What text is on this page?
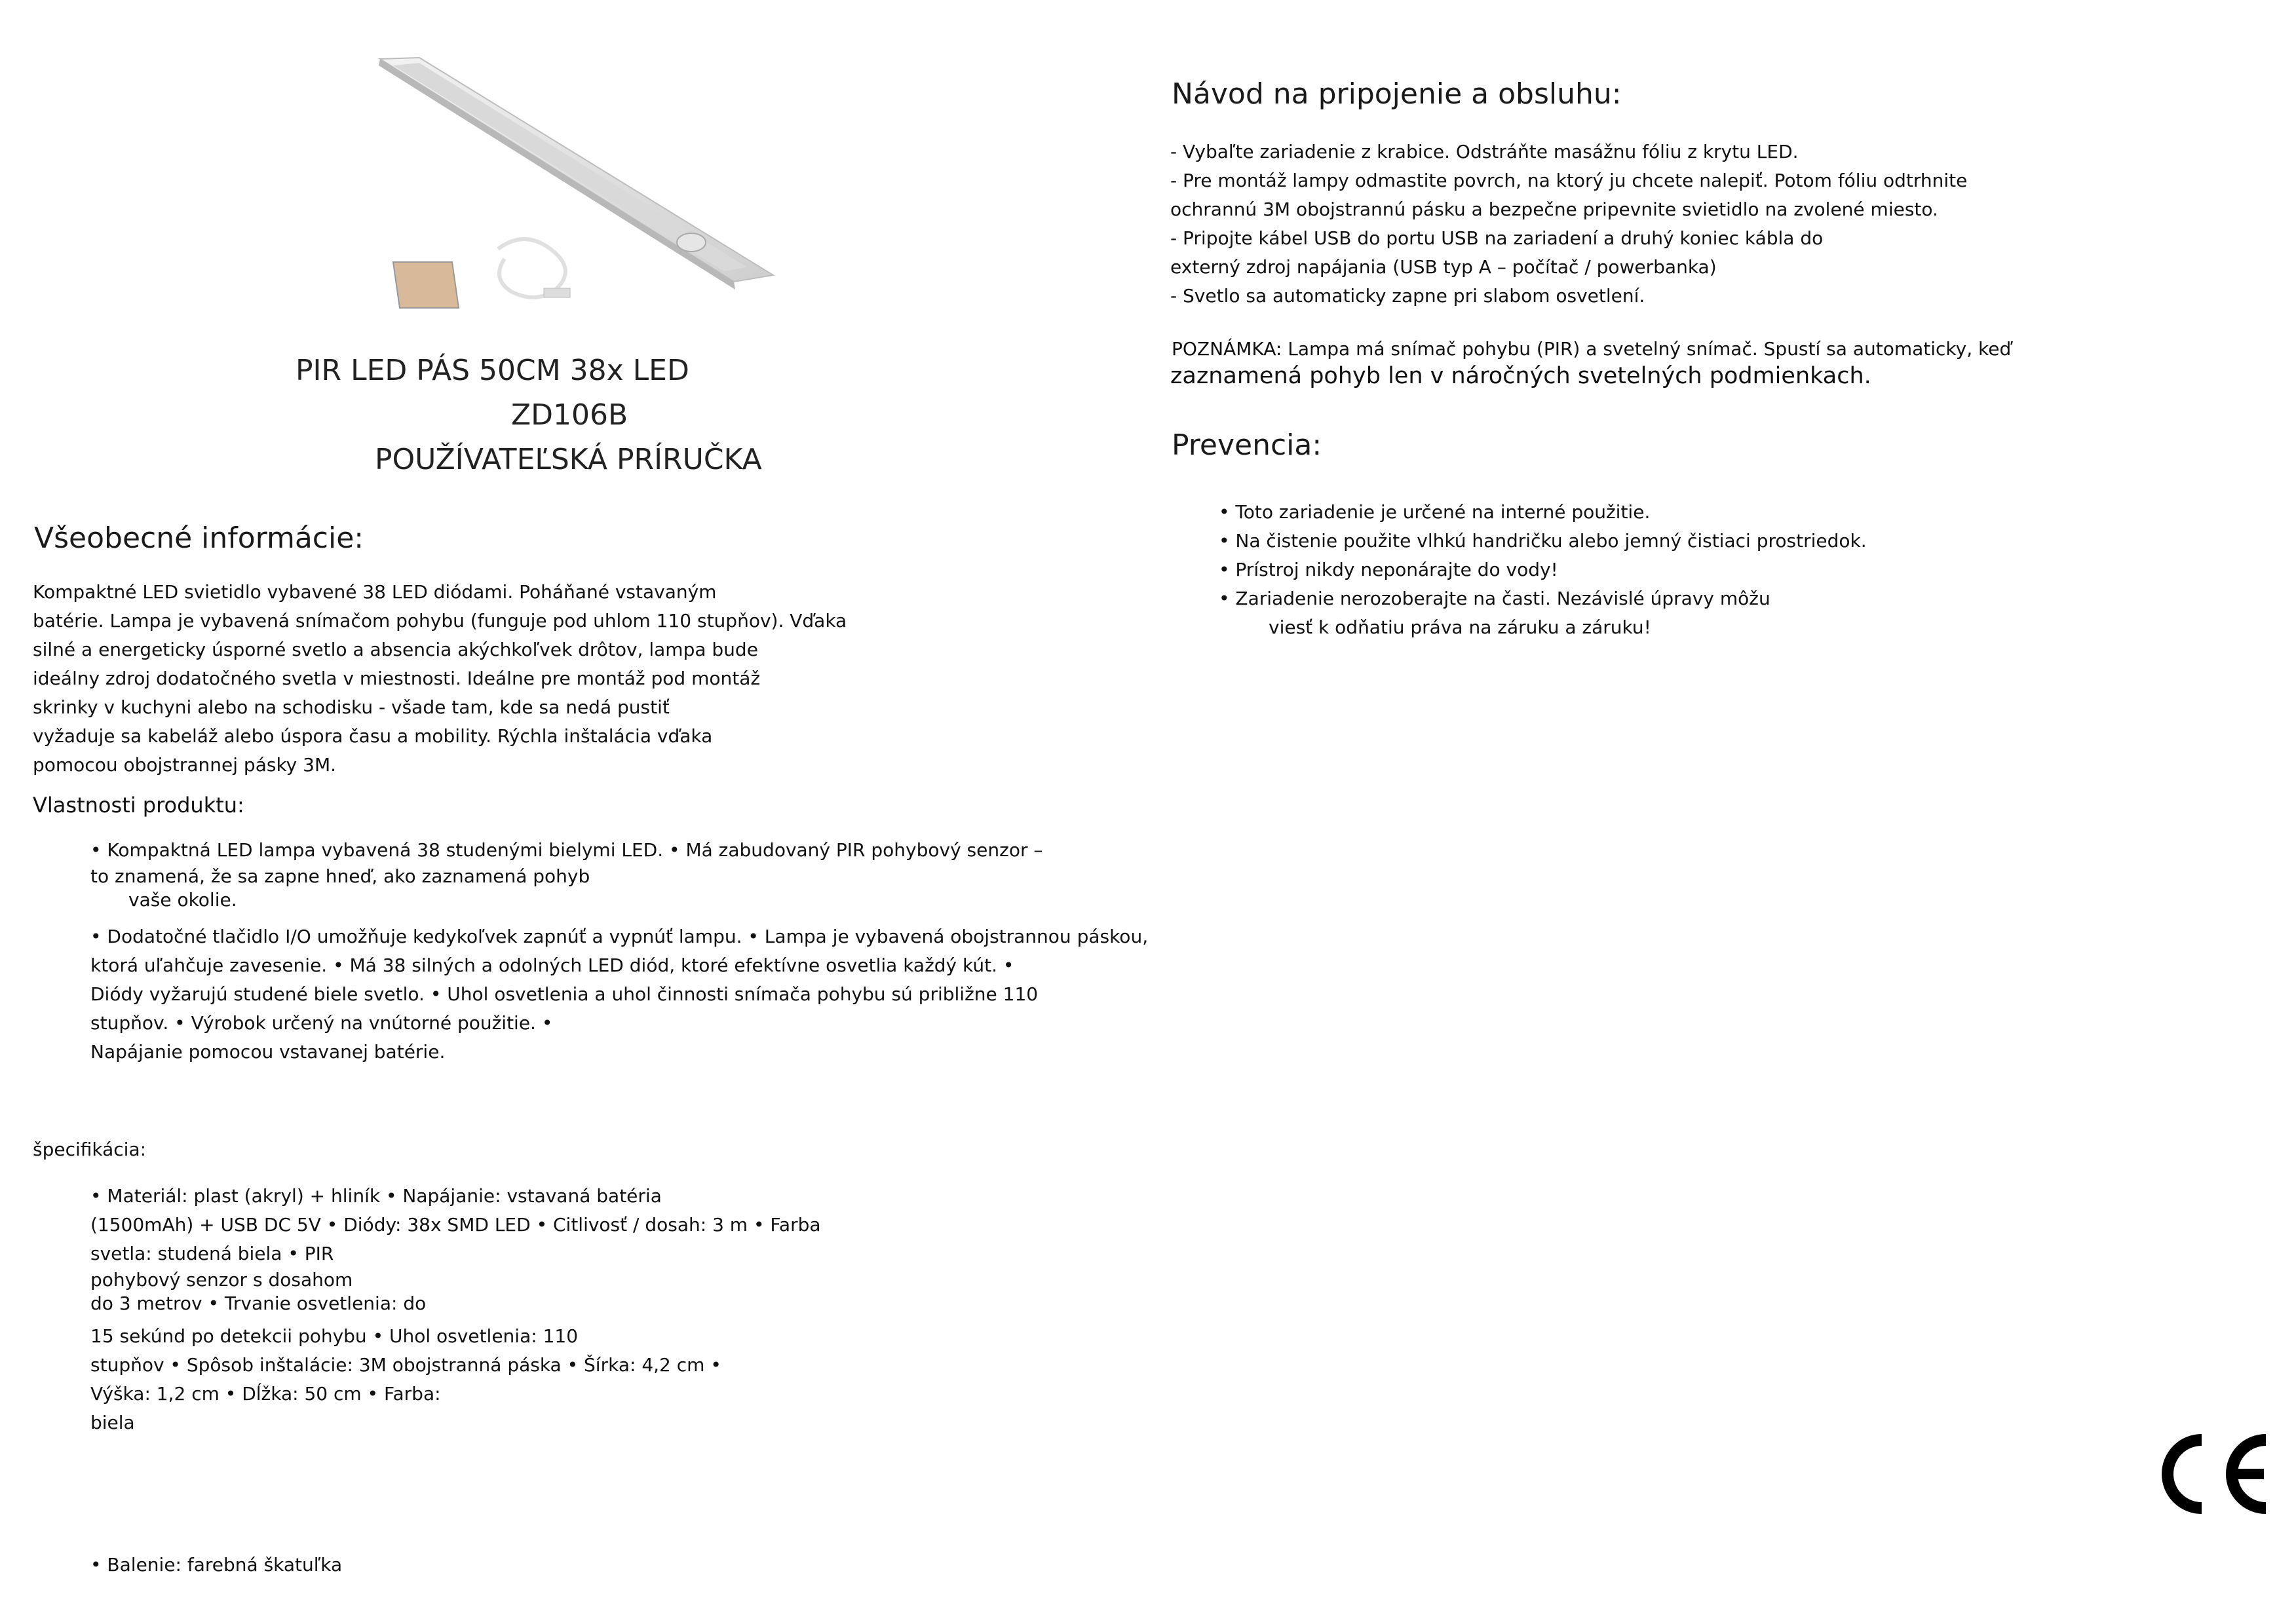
PIR LED PÁS 50CM 38x LED
ZD106B
POUŽÍVATEĽSKÁ PRÍRUČKA
Všeobecné informácie:
Kompaktné LED svietidlo vybavené 38 LED diódami. Poháňané vstavaným
batérie. Lampa je vybavená snímačom pohybu (funguje pod uhlom 110 stupňov). Vďaka
silné a energeticky úsporné svetlo a absencia akýchkoľvek drôtov, lampa bude
ideálny zdroj dodatočného svetla v miestnosti. Ideálne pre montáž pod montáž
skrinky v kuchyni alebo na schodisku - všade tam, kde sa nedá pustiť
vyžaduje sa kabeláž alebo úspora času a mobility. Rýchla inštalácia vďaka
pomocou obojstrannej pásky 3M.
Vlastnosti produktu:
• Kompaktná LED lampa vybavená 38 studenými bielymi LED. • Má zabudovaný PIR pohybový senzor –
to znamená, že sa zapne hneď, ako zaznamená pohyb
vaše okolie.
• Dodatočné tlačidlo I/O umožňuje kedykoľvek zapnúť a vypnúť lampu. • Lampa je vybavená obojstrannou páskou,
ktorá uľahčuje zavesenie. • Má 38 silných a odolných LED diód, ktoré efektívne osvetlia každý kút. •
Diódy vyžarujú studené biele svetlo. • Uhol osvetlenia a uhol činnosti snímača pohybu sú približne 110
stupňov. • Výrobok určený na vnútorné použitie. •
Napájanie pomocou vstavanej batérie.
špecifikácia:
• Materiál: plast (akryl) + hliník • Napájanie: vstavaná batéria
(1500mAh) + USB DC 5V • Diódy: 38x SMD LED • Citlivosť / dosah: 3 m • Farba
svetla: studená biela • PIR
pohybový senzor s dosahom
do 3 metrov • Trvanie osvetlenia: do
15 sekúnd po detekcii pohybu • Uhol osvetlenia: 110
stupňov • Spôsob inštalácie: 3M obojstranná páska • Šírka: 4,2 cm •
Výška: 1,2 cm • Dĺžka: 50 cm • Farba:
biela
• Balenie: farebná škatuľka
Návod na pripojenie a obsluhu:
- Vybaľte zariadenie z krabice. Odstráňte masážnu fóliu z krytu LED.
- Pre montáž lampy odmastite povrch, na ktorý ju chcete nalepiť. Potom fóliu odtrhnite
ochrannú 3M obojstrannú pásku a bezpečne pripevnite svietidlo na zvolené miesto.
- Pripojte kábel USB do portu USB na zariadení a druhý koniec kábla do
externý zdroj napájania (USB typ A – počítač / powerbanka)
- Svetlo sa automaticky zapne pri slabom osvetlení.
POZNÁMKA: Lampa má snímač pohybu (PIR) a svetelný snímač. Spustí sa automaticky, keď
zaznamená pohyb len v náročných svetelných podmienkach.
Prevencia:
• Toto zariadenie je určené na interné použitie.
• Na čistenie použite vlhkú handričku alebo jemný čistiaci prostriedok.
• Prístroj nikdy neponárajte do vody!
• Zariadenie nerozoberajte na časti. Nezávislé úpravy môžu
viesť k odňatiu práva na záruku a záruku!
